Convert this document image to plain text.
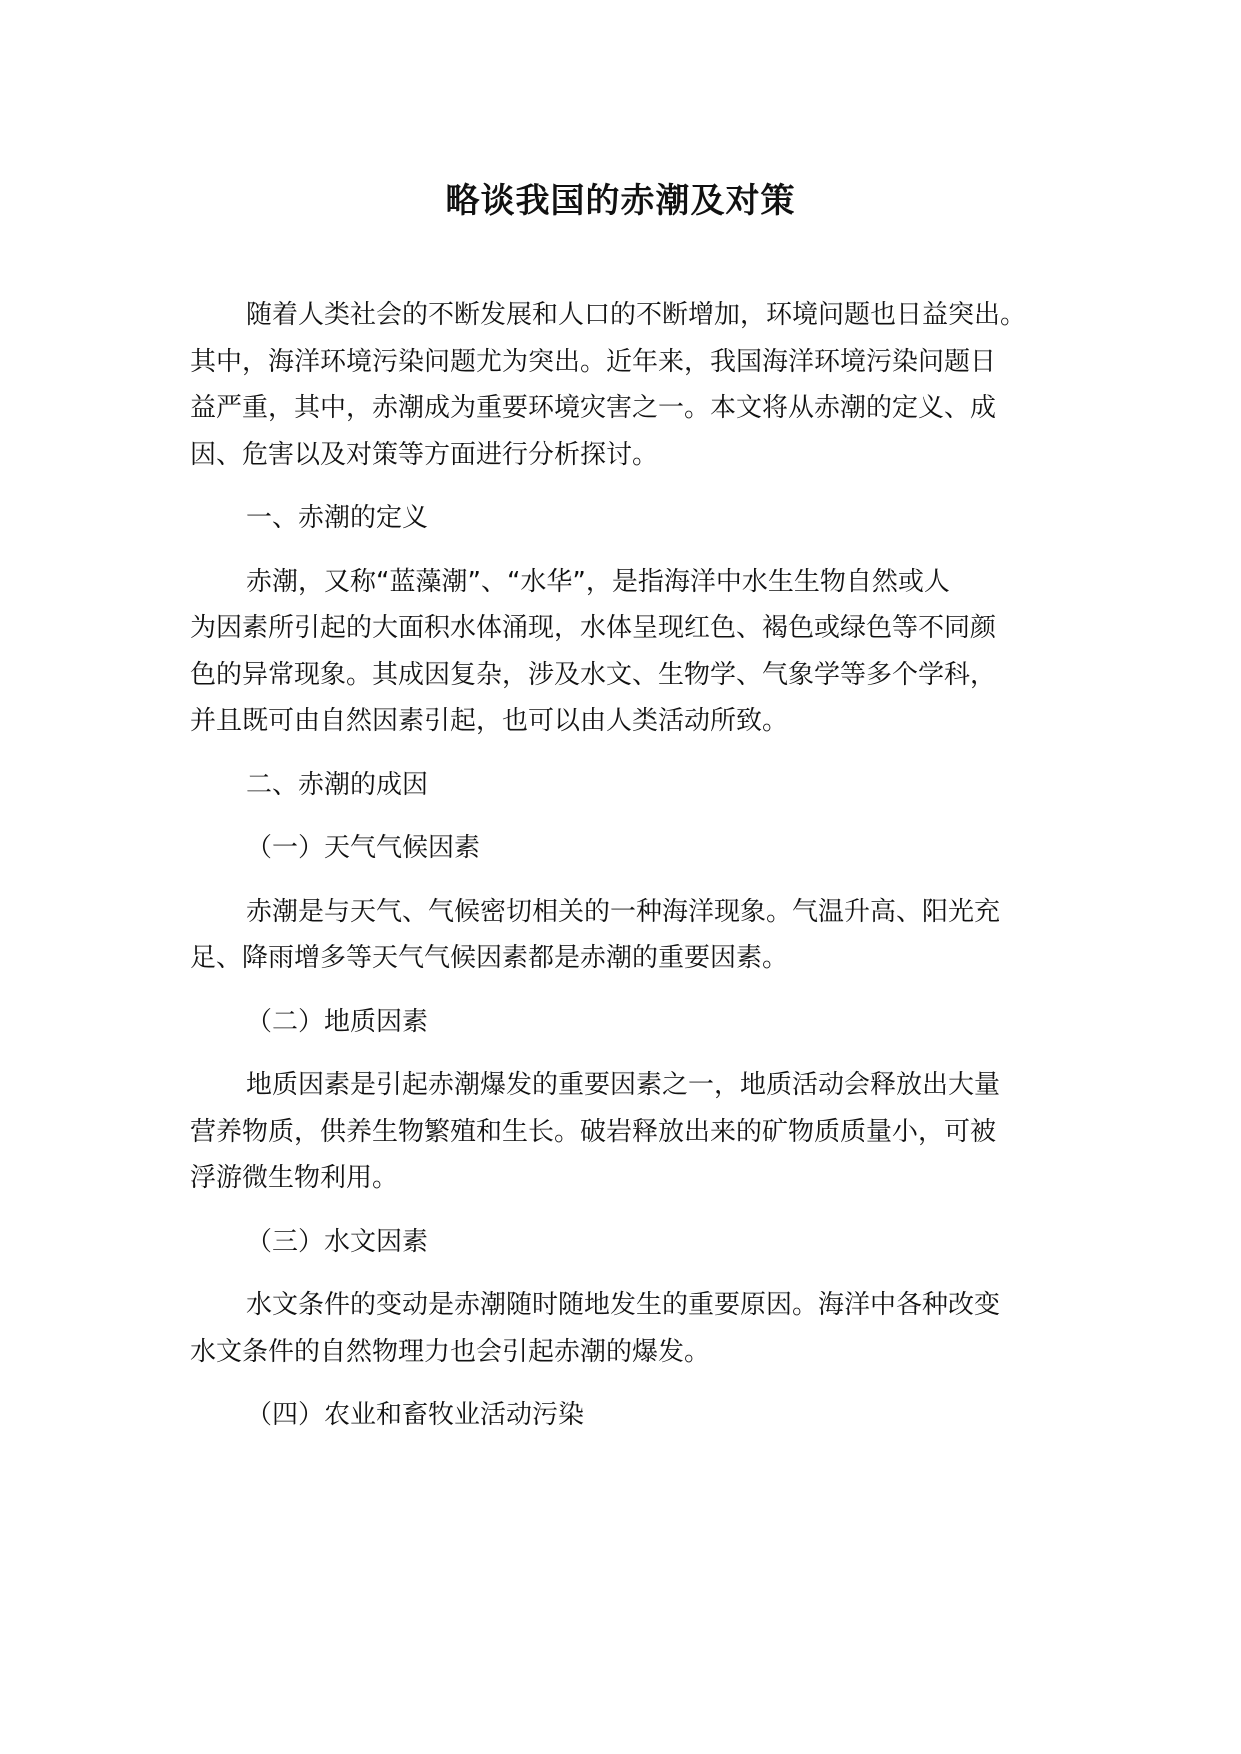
略谈我国的赤潮及对策
随着人类社会的不断发展和人口的不断增加，环境问题也日益突出。
其中，海洋环境污染问题尤为突出。近年来，我国海洋环境污染问题日
益严重，其中，赤潮成为重要环境灾害之一。本文将从赤潮的定义、成
因、危害以及对策等方面进行分析探讨。
一、赤潮的定义
赤潮，又称“蓝藻潮”、“水华”，是指海洋中水生生物自然或人
为因素所引起的大面积水体涌现，水体呈现红色、褐色或绿色等不同颜
色的异常现象。其成因复杂，涉及水文、生物学、气象学等多个学科，
并且既可由自然因素引起，也可以由人类活动所致。
二、赤潮的成因
（一）天气气候因素
赤潮是与天气、气候密切相关的一种海洋现象。气温升高、阳光充
足、降雨增多等天气气候因素都是赤潮的重要因素。
（二）地质因素
地质因素是引起赤潮爆发的重要因素之一，地质活动会释放出大量
营养物质，供养生物繁殖和生长。破岩释放出来的矿物质质量小，可被
浮游微生物利用。
（三）水文因素
水文条件的变动是赤潮随时随地发生的重要原因。海洋中各种改变
水文条件的自然物理力也会引起赤潮的爆发。
（四）农业和畜牧业活动污染
